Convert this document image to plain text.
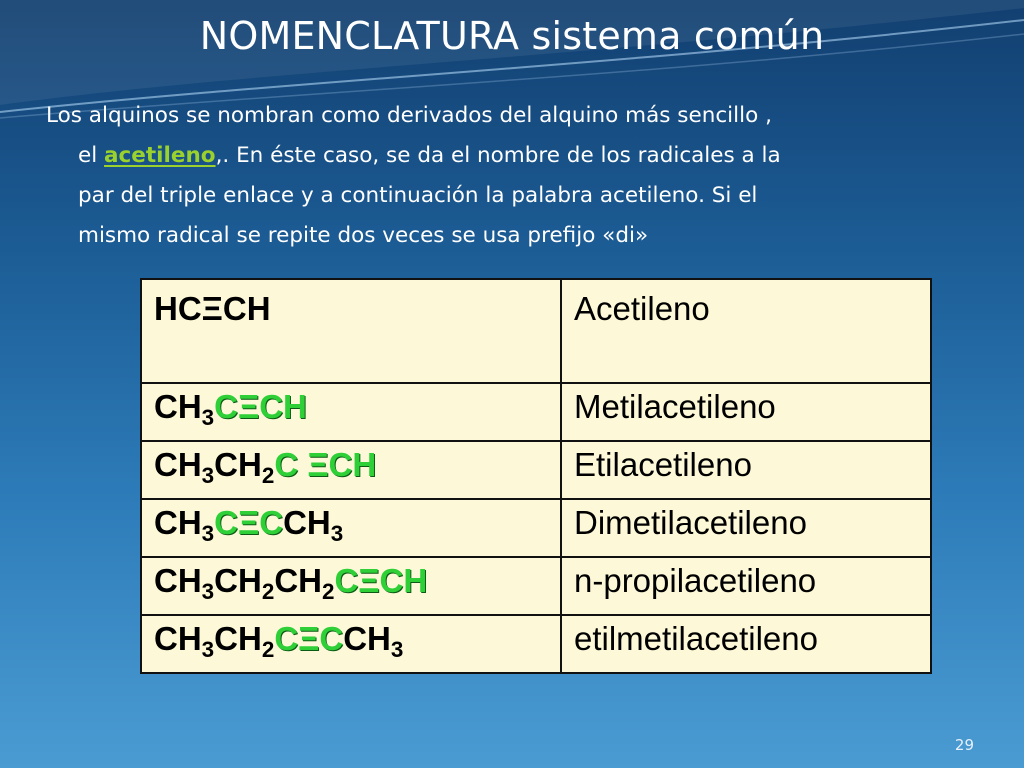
NOMENCLATURA sistema común

Los alquinos se nombran como derivados del alquino más sencillo ,
el acetileno,. En éste caso, se da el nombre de los radicales a la
par del triple enlace y a continuación la palabra acetileno. Si el
mismo radical se repite dos veces se usa prefijo «di»

HCΞCH	Acetileno
$CH_3C\Xi CH$	Metilacetileno
$CH_3CH_2C$ ΞCH	Etilacetileno
$CH_3C\Xi CCH_3$	Dimetilacetileno
$CH_3CH_2CH_2C\Xi CH$	n-propilacetileno
$CH_3CH_2C\Xi CCH_3$	etilmetilacetileno
29
